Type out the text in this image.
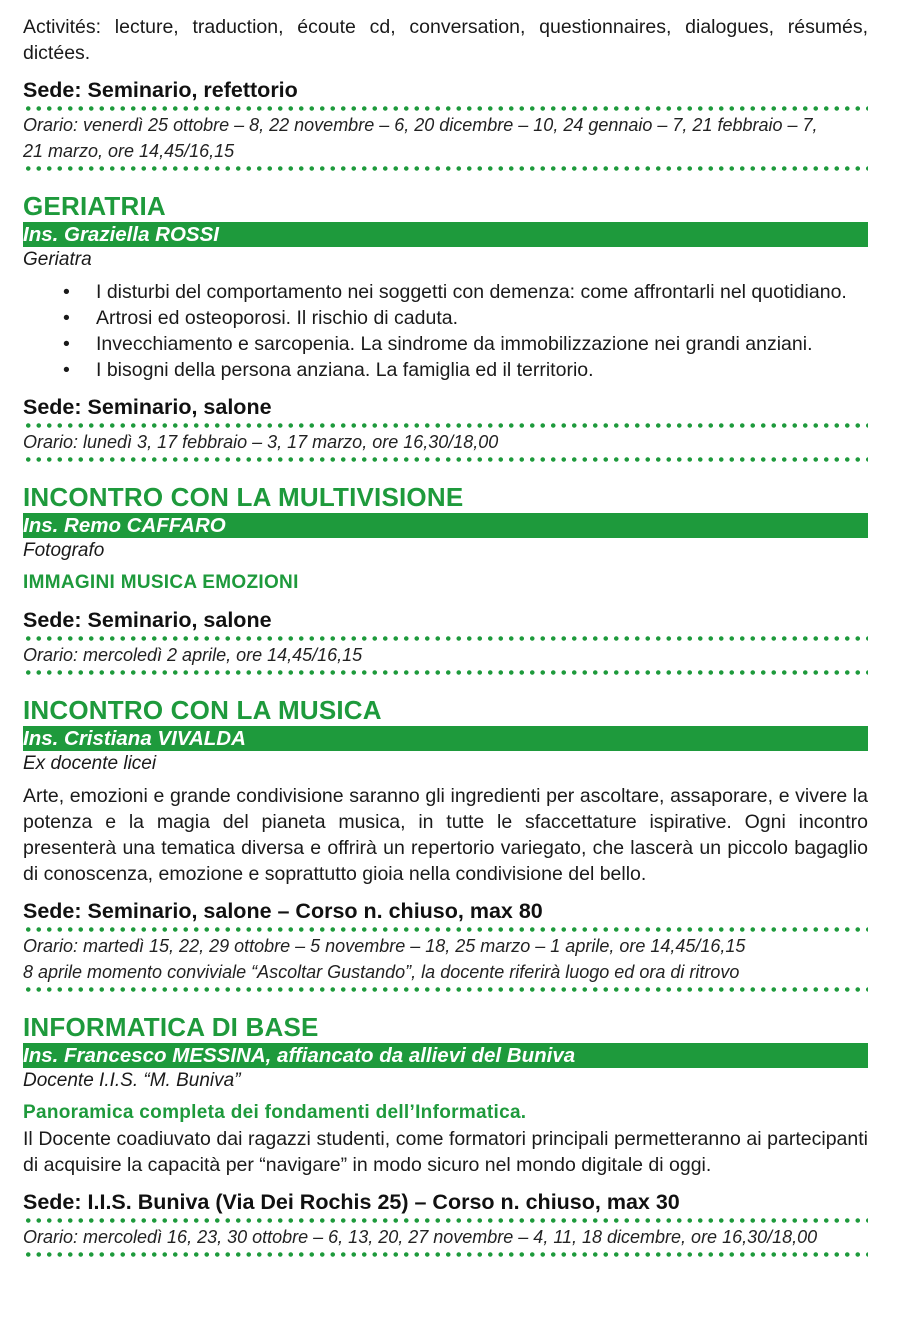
Activités: lecture, traduction, écoute cd, conversation, questionnaires, dialogues, résumés, dictées.

Sede: Seminario, refettorio
Orario: venerdì 25 ottobre – 8, 22 novembre – 6, 20 dicembre – 10, 24 gennaio – 7, 21 febbraio – 7,
21 marzo, ore 14,45/16,15
GERIATRIA
Ins. Graziella ROSSI
Geriatra
• I disturbi del comportamento nei soggetti con demenza: come affrontarli nel quotidiano.
• Artrosi ed osteoporosi. Il rischio di caduta.
• Invecchiamento e sarcopenia. La sindrome da immobilizzazione nei grandi anziani.
• I bisogni della persona anziana. La famiglia ed il territorio.
Sede: Seminario, salone
Orario: lunedì 3, 17 febbraio – 3, 17 marzo, ore 16,30/18,00
INCONTRO CON LA MULTIVISIONE
Ins. Remo CAFFARO
Fotografo
IMMAGINI MUSICA EMOZIONI
Sede: Seminario, salone
Orario: mercoledì 2 aprile, ore 14,45/16,15
INCONTRO CON LA MUSICA
Ins. Cristiana VIVALDA
Ex docente licei

Arte, emozioni e grande condivisione saranno gli ingredienti per ascoltare, assaporare, e vivere la potenza e la magia del pianeta musica, in tutte le sfaccettature ispirative. Ogni incontro presenterà una tematica diversa e offrirà un repertorio variegato, che lascerà un piccolo bagaglio di conoscenza, emozione e soprattutto gioia nella condivisione del bello.

Sede: Seminario, salone – Corso n. chiuso, max 80
Orario: martedì 15, 22, 29 ottobre – 5 novembre – 18, 25 marzo – 1 aprile, ore 14,45/16,15
8 aprile momento conviviale “Ascoltar Gustando”, la docente riferirà luogo ed ora di ritrovo
INFORMATICA DI BASE
Ins. Francesco MESSINA, affiancato da allievi del Buniva
Docente I.I.S. “M. Buniva”
Panoramica completa dei fondamenti dell’Informatica.

Il Docente coadiuvato dai ragazzi studenti, come formatori principali permetteranno ai partecipanti di acquisire la capacità per “navigare” in modo sicuro nel mondo digitale di oggi.

Sede: I.I.S. Buniva (Via Dei Rochis 25) – Corso n. chiuso, max 30
Orario: mercoledì 16, 23, 30 ottobre – 6, 13, 20, 27 novembre – 4, 11, 18 dicembre, ore 16,30/18,00
